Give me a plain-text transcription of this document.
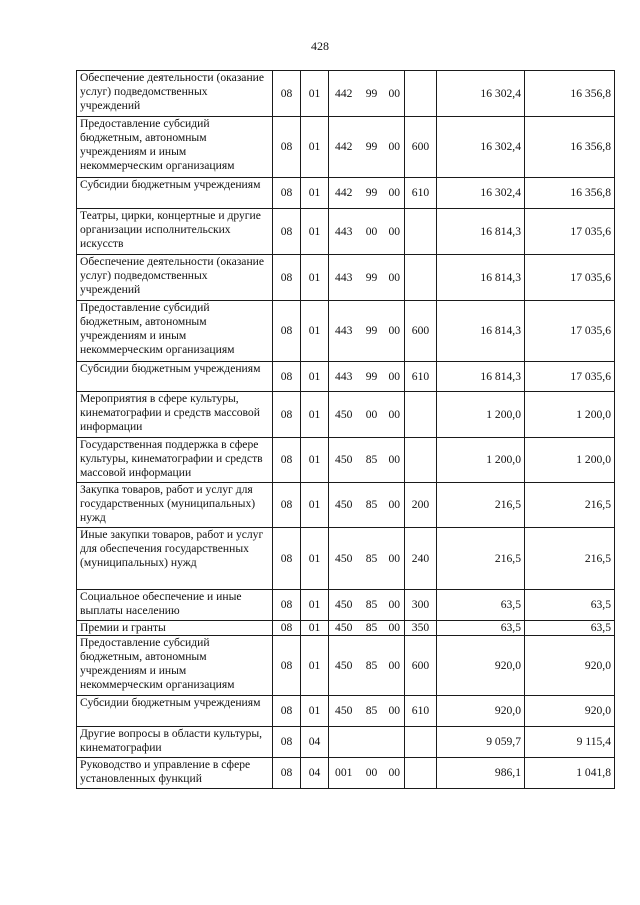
428
Обеспечение деятельности (оказание услуг) подведомственных учреждений	08	01	442	99	00		16 302,4	16 356,8
Предоставление субсидий бюджетным, автономным учреждениям и иным некоммерческим организациям	08	01	442	99	00	600	16 302,4	16 356,8
Субсидии бюджетным учреждениям	08	01	442	99	00	610	16 302,4	16 356,8
Театры, цирки, концертные и другие организации исполнительских искусств	08	01	443	00	00		16 814,3	17 035,6
Обеспечение деятельности (оказание услуг) подведомственных учреждений	08	01	443	99	00		16 814,3	17 035,6
Предоставление субсидий бюджетным, автономным учреждениям и иным некоммерческим организациям	08	01	443	99	00	600	16 814,3	17 035,6
Субсидии бюджетным учреждениям	08	01	443	99	00	610	16 814,3	17 035,6
Мероприятия в сфере культуры, кинематографии и средств массовой информации	08	01	450	00	00		1 200,0	1 200,0
Государственная поддержка в сфере культуры, кинематографии и средств массовой информации	08	01	450	85	00		1 200,0	1 200,0
Закупка товаров, работ и услуг для государственных (муниципальных) нужд	08	01	450	85	00	200	216,5	216,5
Иные закупки товаров, работ и услуг для обеспечения государственных (муниципальных) нужд	08	01	450	85	00	240	216,5	216,5
Социальное обеспечение и иные выплаты населению	08	01	450	85	00	300	63,5	63,5
Премии и гранты	08	01	450	85	00	350	63,5	63,5
Предоставление субсидий бюджетным, автономным учреждениям и иным некоммерческим организациям	08	01	450	85	00	600	920,0	920,0
Субсидии бюджетным учреждениям	08	01	450	85	00	610	920,0	920,0
Другие вопросы в области культуры, кинематографии	08	04					9 059,7	9 115,4
Руководство и управление в сфере установленных функций	08	04	001	00	00		986,1	1 041,8
